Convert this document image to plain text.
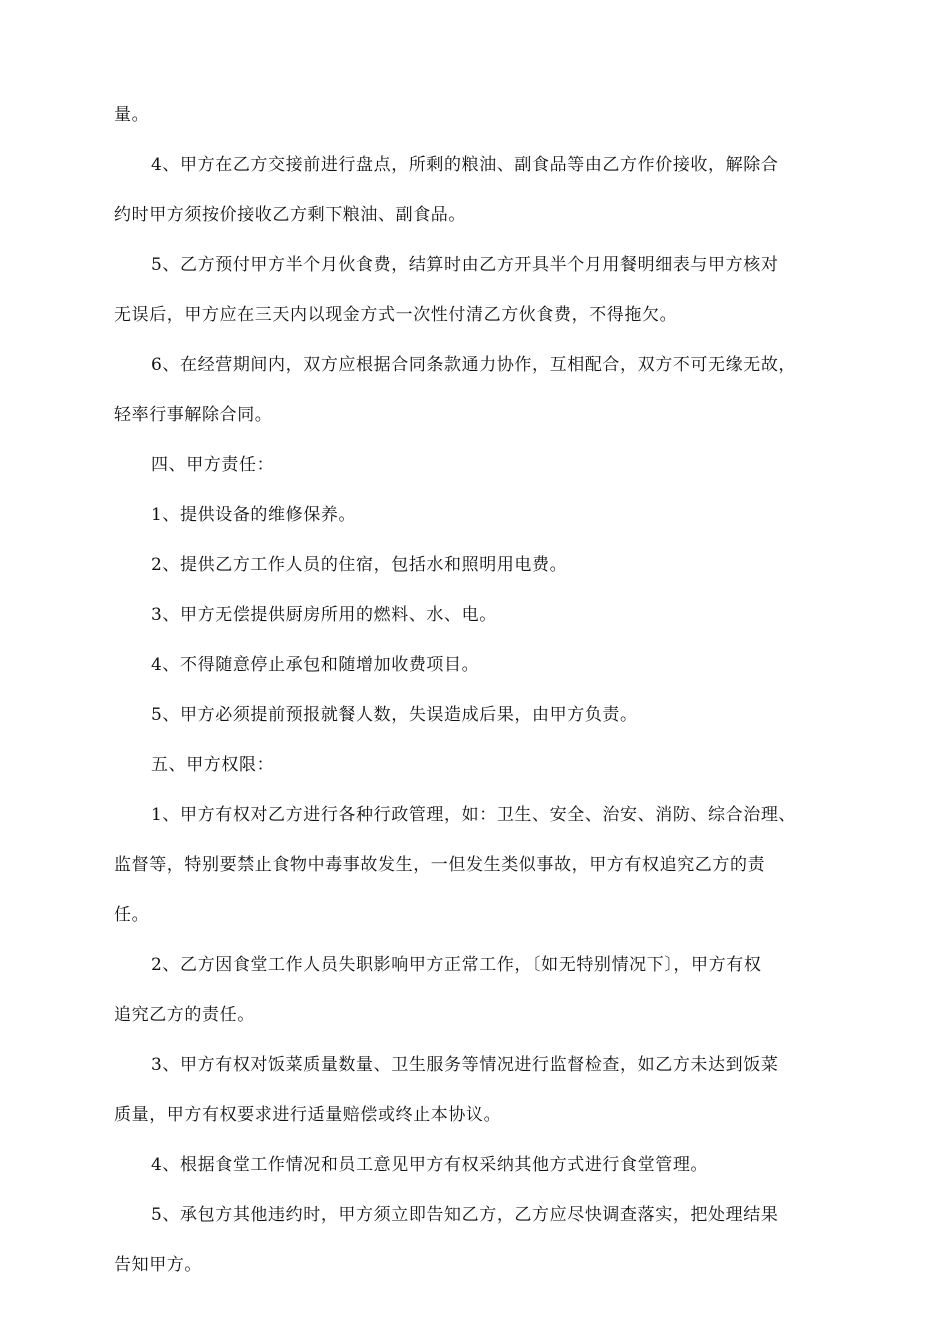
量。
4、甲方在乙方交接前进行盘点，所剩的粮油、副食品等由乙方作价接收，解除合
约时甲方须按价接收乙方剩下粮油、副食品。
5、乙方预付甲方半个月伙食费，结算时由乙方开具半个月用餐明细表与甲方核对
无误后，甲方应在三天内以现金方式一次性付清乙方伙食费，不得拖欠。
6、在经营期间内，双方应根据合同条款通力协作，互相配合，双方不可无缘无故，
轻率行事解除合同。
四、甲方责任：
1、提供设备的维修保养。
2、提供乙方工作人员的住宿，包括水和照明用电费。
3、甲方无偿提供厨房所用的燃料、水、电。
4、不得随意停止承包和随增加收费项目。
5、甲方必须提前预报就餐人数，失误造成后果，由甲方负责。
五、甲方权限：
1、甲方有权对乙方进行各种行政管理，如：卫生、安全、治安、消防、综合治理、
监督等，特别要禁止食物中毒事故发生，一但发生类似事故，甲方有权追究乙方的责
任。
2、乙方因食堂工作人员失职影响甲方正常工作，〔如无特别情况下〕，甲方有权
追究乙方的责任。
3、甲方有权对饭菜质量数量、卫生服务等情况进行监督检查，如乙方未达到饭菜
质量，甲方有权要求进行适量赔偿或终止本协议。
4、根据食堂工作情况和员工意见甲方有权采纳其他方式进行食堂管理。
5、承包方其他违约时，甲方须立即告知乙方，乙方应尽快调查落实，把处理结果
告知甲方。
